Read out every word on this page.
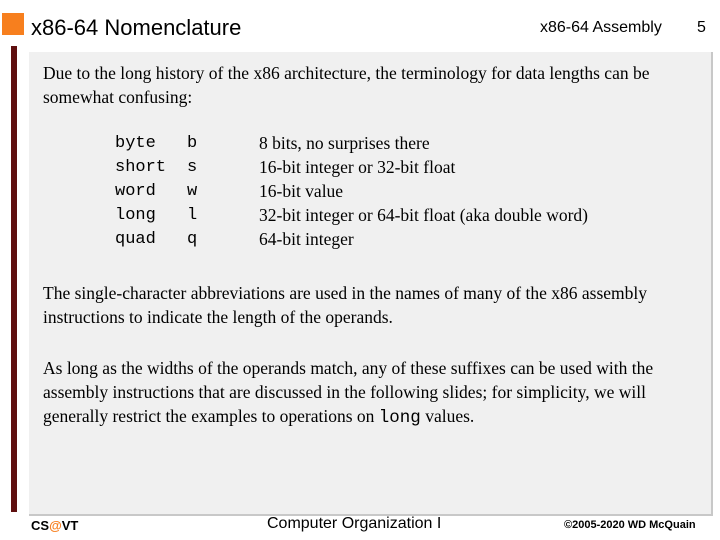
x86-64 Nomenclature	x86-64 Assembly 5

Due to the long history of the x86 architecture, the terminology for data lengths can be somewhat confusing:

byte	b	8 bits, no surprises there
short	s	16-bit integer or 32-bit float
word	w	16-bit value
long	l	32-bit integer or 64-bit float (aka double word)
quad	q	64-bit integer

The single-character abbreviations are used in the names of many of the x86 assembly instructions to indicate the length of the operands.

As long as the widths of the operands match, any of these suffixes can be used with the assembly instructions that are discussed in the following slides; for simplicity, we will generally restrict the examples to operations on long values.

CS@VT	Computer Organization I	©2005-2020 WD McQuain
